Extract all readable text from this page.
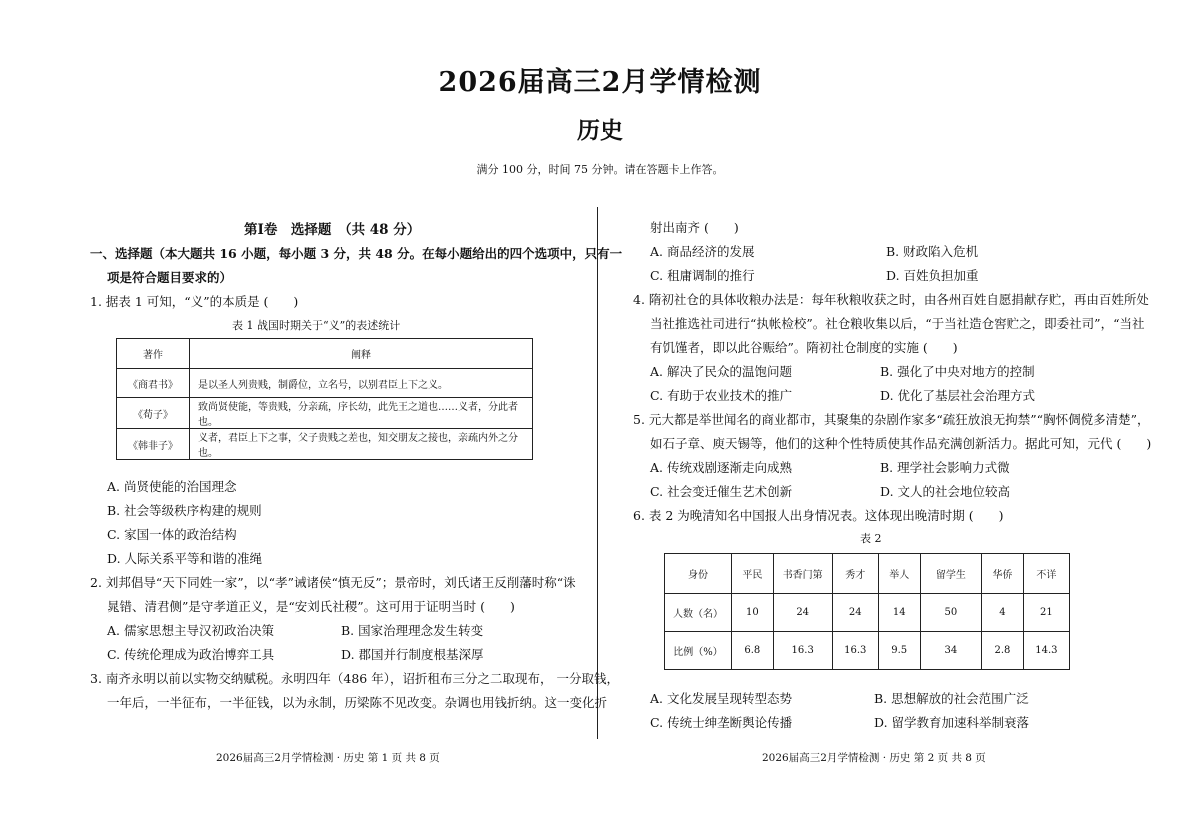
2026届高三2月学情检测
历史
满分 100 分，时间 75 分钟。请在答题卡上作答。
第Ⅰ卷　选择题　（共 48 分）
一、选择题（本大题共 16 小题，每小题 3 分，共 48 分。在每小题给出的四个选项中，只有一
项是符合题目要求的）
1. 据表 1 可知，“义”的本质是 (　　)
表 1 战国时期关于“义”的表述统计
著作	阐释
《商君书》	是以圣人列贵贱，制爵位，立名号，以别君臣上下之义。
《荀子》	致尚贤使能，等贵贱，分亲疏，序长幼，此先王之道也……义者，分此者也。
《韩非子》	义者，君臣上下之事，父子贵贱之差也，知交朋友之接也，亲疏内外之分也。
A. 尚贤使能的治国理念
B. 社会等级秩序构建的规则
C. 家国一体的政治结构
D. 人际关系平等和谐的准绳
2. 刘邦倡导“天下同姓一家”，以“孝”诫诸侯“慎无反”；景帝时，刘氏诸王反削藩时称“诛
晁错、清君侧”是守孝道正义，是“安刘氏社稷”。这可用于证明当时 (　　)
A. 儒家思想主导汉初政治决策	B. 国家治理理念发生转变
C. 传统伦理成为政治博弈工具	D. 郡国并行制度根基深厚
3. 南齐永明以前以实物交纳赋税。永明四年（486 年），诏折租布三分之二取现布， 一分取钱，
一年后，一半征布，一半征钱，以为永制，历梁陈不见改变。杂调也用钱折纳。这一变化折
2026届高三2月学情检测 · 历史 第 1 页 共 8 页
射出南齐 (　　)
A. 商品经济的发展	B. 财政陷入危机
C. 租庸调制的推行	D. 百姓负担加重
4. 隋初社仓的具体收粮办法是：每年秋粮收获之时，由各州百姓自愿捐献存贮，再由百姓所处
当社推选社司进行“执帐检校”。社仓粮收集以后，“于当社造仓窖贮之，即委社司”，“当社
有饥馑者，即以此谷赈给”。隋初社仓制度的实施 (　　)
A. 解决了民众的温饱问题	B. 强化了中央对地方的控制
C. 有助于农业技术的推广	D. 优化了基层社会治理方式
5. 元大都是举世闻名的商业都市，其聚集的杂剧作家多“疏狂放浪无拘禁”“胸怀倜傥多清楚”，
如石子章、庾天锡等，他们的这种个性特质使其作品充满创新活力。据此可知，元代 (　　)
A. 传统戏剧逐渐走向成熟	B. 理学社会影响力式微
C. 社会变迁催生艺术创新	D. 文人的社会地位较高
6. 表 2 为晚清知名中国报人出身情况表。这体现出晚清时期 (　　)
表 2
身份	平民	书香门第	秀才	举人	留学生	华侨	不详
人数（名）	10	24	24	14	50	4	21
比例（%）	6.8	16.3	16.3	9.5	34	2.8	14.3
A. 文化发展呈现转型态势	B. 思想解放的社会范围广泛
C. 传统士绅垄断舆论传播	D. 留学教育加速科举制衰落
2026届高三2月学情检测 · 历史 第 2 页 共 8 页
